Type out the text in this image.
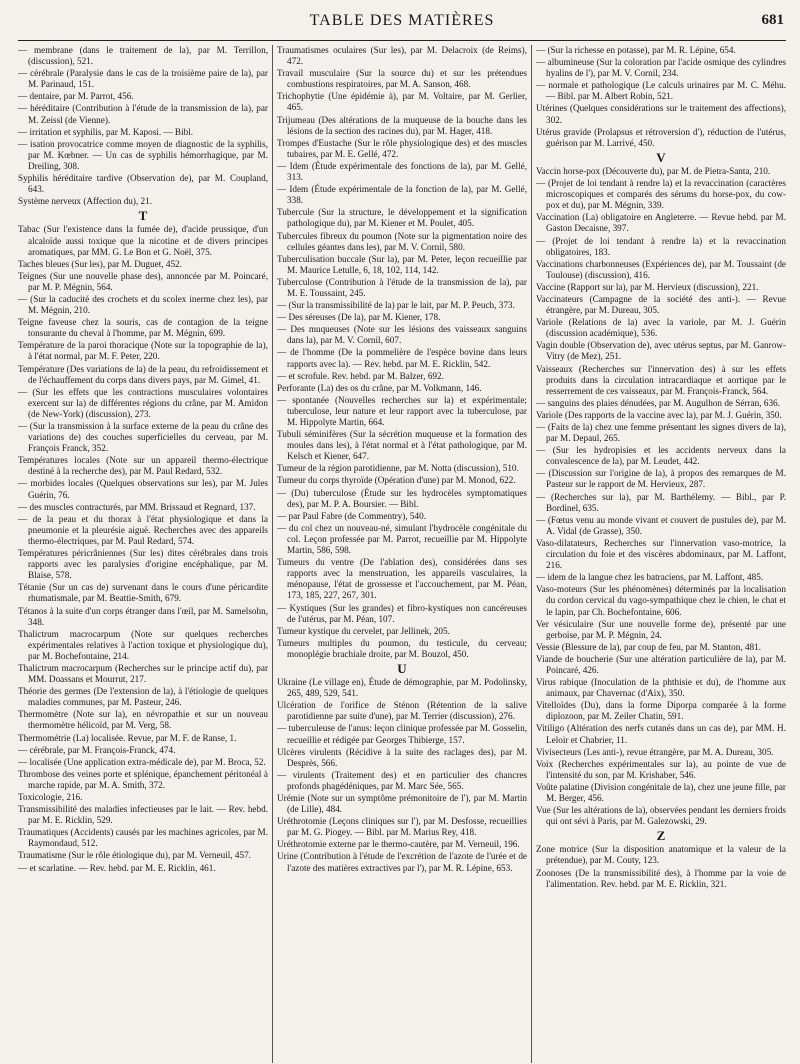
TABLE DES MATIÈRES	681
— membrane (dans le traitement de la), par M. Terrillon, (discussion), 521.
— cérébrale (Paralysie dans le cas de la troisième paire de la), par M. Parinaud, 151.
— dentaire, par M. Parrot, 456.
— héréditaire (Contribution à l'étude de la transmission de la), par M. Zeissl (de Vienne).
— irritation et syphilis, par M. Kaposi. — Bibl.
— isation provocatrice comme moyen de diagnostic de la syphilis, par M. Kœbner. — Un cas de syphilis hémorrhagique, par M. Dreiling, 308.
Syphilis héréditaire tardive (Observation de), par M. Coupland, 643.
Système nerveux (Affection du), 21.
T
Tabac (Sur l'existence dans la fumée de), d'acide prussique, d'un alcaloïde aussi toxique que la nicotine et de divers principes aromatiques, par MM. G. Le Bon et G. Noël, 375.
Taches bleues (Sur les), par M. Duguet, 452.
Teignes (Sur une nouvelle phase des), annoncée par M. Poincaré, par M. P. Mégnin, 564.
— (Sur la caducité des crochets et du scolex inerme chez les), par M. Mégnin, 210.
Teigne faveuse chez la souris, cas de contagion de la teigne tonsurante du cheval à l'homme, par M. Mégnin, 699.
Température de la paroi thoracique (Note sur la topographie de la), à l'état normal, par M. F. Peter, 220.
Température (Des variations de la) de la peau, du refroidissement et de l'échauffement du corps dans divers pays, par M. Gimel, 41.
— (Sur les effets que les contractions musculaires volontaires exercent sur la) de différentes régions du crâne, par M. Amidon (de New-York) (discussion), 273.
— (Sur la transmission à la surface externe de la peau du crâne des variations de) des couches superficielles du cerveau, par M. François Franck, 352.
Températures locales (Note sur un appareil thermo-électrique destiné à la recherche des), par M. Paul Redard, 532.
— morbides locales (Quelques observations sur les), par M. Jules Guérin, 76.
— des muscles contracturés, par MM. Brissaud et Regnard, 137.
— de la peau et du thorax à l'état physiologique et dans la pneumonie et la pleurésie aiguë. Recherches avec des appareils thermo-électriques, par M. Paul Redard, 574.
Températures péricrâniennes (Sur les) dites cérébrales dans trois rapports avec les paralysies d'origine encéphalique, par M. Blaise, 578.
Tétanie (Sur un cas de) survenant dans le cours d'une péricardite rhumatismale, par M. Beattie-Smith, 679.
Tétanos à la suite d'un corps étranger dans l'œil, par M. Samelsohn, 348.
Thalictrum macrocarpum (Note sur quelques recherches expérimentales relatives à l'action toxique et physiologique du), par M. Bochefontaine, 214.
Thalictrum macrocarpum (Recherches sur le principe actif du), par MM. Doassans et Mourrut, 217.
Théorie des germes (De l'extension de la), à l'étiologie de quelques maladies communes, par M. Pasteur, 246.
Thermomètre (Note sur la), en névropathie et sur un nouveau thermomètre hélicoïd, par M. Verg, 58.
Thermométrie (La) localisée. Revue, par M. F. de Ranse, 1.
— cérébrale, par M. François-Franck, 474.
— localisée (Une application extra-médicale de), par M. Broca, 52.
Thrombose des veines porte et splénique, épanchement péritonéal à marche rapide, par M. A. Smith, 372.
Toxicologie, 216.
Transmissibilité des maladies infectieuses par le lait. — Rev. hebd. par M. E. Ricklin, 529.
Traumatiques (Accidents) causés par les machines agricoles, par M. Raymondaud, 512.
Traumatisme (Sur le rôle étiologique du), par M. Verneuil, 457.
— et scarlatine. — Rev. hebd. par M. E. Ricklin, 461.
Traumatismes oculaires (Sur les), par M. Delacroix (de Reims), 472.
Travail musculaire (Sur la source du) et sur les prétendues combustions respiratoires, par M. A. Sanson, 468.
Trichophytie (Une épidémie à), par M. Voltaire, par M. Gerlier, 465.
Trijumeau (Des altérations de la muqueuse de la bouche dans les lésions de la section des racines du), par M. Hager, 418.
Trompes d'Eustache (Sur le rôle physiologique des) et des muscles tubaires, par M. E. Gellé, 472.
— Idem (Étude expérimentale des fonctions de la), par M. Gellé, 313.
— Idem (Étude expérimentale de la fonction de la), par M. Gellé, 338.
Tubercule (Sur la structure, le développement et la signification pathologique du), par M. Kiener et M. Poulet, 405.
Tubercules fibreux du poumon (Note sur la pigmentation noire des cellules géantes dans les), par M. V. Cornil, 580.
Tuberculisation buccale (Sur la), par M. Peter, leçon recueillie par M. Maurice Letulle, 6, 18, 102, 114, 142.
Tuberculose (Contribution à l'étude de la transmission de la), par M. E. Toussaint, 245.
— (Sur la transmissibilité de la) par le lait, par M. P. Peuch, 373.
— Des séreuses (De la), par M. Kiener, 178.
— Des muqueuses (Note sur les lésions des vaisseaux sanguins dans la), par M. V. Cornil, 607.
— de l'homme (De la pommelière de l'espèce bovine dans leurs rapports avec la). — Rev. hebd. par M. E. Ricklin, 542.
— et scrofule. Rev. hebd. par M. Balzer, 692.
Perforante (La) des os du crâne, par M. Volkmann, 146.
— spontanée (Nouvelles recherches sur la) et expérimentale; tuberculose, leur nature et leur rapport avec la tuberculose, par M. Hippolyte Martin, 664.
Tubuli séminifères (Sur la sécrétion muqueuse et la formation des moules dans les), à l'état normal et à l'état pathologique, par M. Kelsch et Kiener, 647.
Tumeur de la région parotidienne, par M. Notta (discussion), 510.
Tumeur du corps thyroïde (Opération d'une) par M. Monod, 622.
— (Du) tuberculose (Étude sur les hydrocèles symptomatiques des), par M. P. A. Boursier. — Bibl.
— par Paul Fabre (de Commentry), 540.
— du col chez un nouveau-né, simulant l'hydrocèle congénitale du col. Leçon professée par M. Parrot, recueillie par M. Hippolyte Martin, 586, 598.
Tumeurs du ventre (De l'ablation des), considérées dans ses rapports avec la menstruation, les appareils vasculaires, la ménopause, l'état de grossesse et l'accouchement, par M. Péan, 173, 185, 227, 267, 301.
— Kystiques (Sur les grandes) et fibro-kystiques non cancéreuses de l'utérus, par M. Péan, 107.
Tumeur kystique du cervelet, par Jellinek, 205.
Tumeurs multiples du poumon, du testicule, du cerveau; monoplégie brachiale droite, par M. Bouzol, 450.
U
Ukraine (Le village en), Étude de démographie, par M. Podolinsky, 265, 489, 529, 541.
Ulcération de l'orifice de Sténon (Rétention de la salive parotidienne par suite d'une), par M. Terrier (discussion), 276.
— tuberculeuse de l'anus: leçon clinique professée par M. Gosselin, recueillie et rédigée par Georges Thibierge, 157.
Ulcères virulents (Récidive à la suite des raclages des), par M. Desprès, 566.
— virulents (Traitement des) et en particulier des chancres profonds phagédéniques, par M. Marc Sée, 565.
Urémie (Note sur un symptôme prémonitoire de l'), par M. Martin (de Lille), 484.
Uréthrotomie (Leçons cliniques sur l'), par M. Desfosse, recueillies par M. G. Piogey. — Bibl. par M. Marius Rey, 418.
Uréthrotomie externe par le thermo-cautère, par M. Verneuil, 196.
Urine (Contribution à l'étude de l'excrétion de l'azote de l'urée et de l'azote des matières extractives par l'), par M. R. Lépine, 653.
— (Sur la richesse en potasse), par M. R. Lépine, 654.
— albumineuse (Sur la coloration par l'acide osmique des cylindres hyalins de l'), par M. V. Cornil, 234.
— normale et pathologique (Le calculs urinaires par M. C. Méhu. — Bibl. par M. Albert Robin, 521.
Utérines (Quelques considérations sur le traitement des affections), 302.
Utérus gravide (Prolapsus et rétroversion d'), réduction de l'utérus, guérison par M. Larrivé, 450.
V
Vaccin horse-pox (Découverte du), par M. de Pietra-Santa, 210.
— (Projet de loi tendant à rendre la) et la revaccination (caractères microscopiques et comparés des sérums du horse-pox, du cow-pox et du), par M. Mégnin, 339.
Vaccination (La) obligatoire en Angleterre. — Revue hebd. par M. Gaston Decaisne, 397.
— (Projet de loi tendant à rendre la) et la revaccination obligatoires, 183.
Vaccinations charbonneuses (Expériences de), par M. Toussaint (de Toulouse) (discussion), 416.
Vaccine (Rapport sur la), par M. Hervieux (discussion), 221.
Vaccinateurs (Campagne de la société des anti-). — Revue étrangère, par M. Dureau, 305.
Variole (Relations de la) avec la variole, par M. J. Guérin (discussion académique), 536.
Vagin double (Observation de), avec utérus septus, par M. Ganrow-Vitry (de Mez), 251.
Vaisseaux (Recherches sur l'innervation des) à sur les effets produits dans la circulation intracardiaque et aortique par le resserrement de ces vaisseaux, par M. François-Franck, 564.
— sanguins des plaies dénudées, par M. Augulhon de Sérran, 636.
Variole (Des rapports de la vaccine avec la), par M. J. Guérin, 350.
— (Faits de la) chez une femme présentant les signes divers de la), par M. Depaul, 265.
— (Sur les hydropisies et les accidents nerveux dans la convalescence de la), par M. Leudet, 442.
— (Discussion sur l'origine de la), à propos des remarques de M. Pasteur sur le rapport de M. Hervieux, 287.
— (Recherches sur la), par M. Barthélemy. — Bibl., par P. Bordinel, 635.
— (Fœtus venu au monde vivant et couvert de pustules de), par M. A. Vidal (de Grasse), 350.
Vaso-dilatateurs, Recherches sur l'innervation vaso-motrice, la circulation du foie et des viscères abdominaux, par M. Laffont, 216.
— idem de la langue chez les batraciens, par M. Laffont, 485.
Vaso-moteurs (Sur les phénomènes) déterminés par la localisation du cordon cervical du vago-sympathique chez le chien, le chat et le lapin, par Ch. Bochefontaine, 606.
Ver vésiculaire (Sur une nouvelle forme de), présenté par une gerboise, par M. P. Mégnin, 24.
Vessie (Blessure de la), par coup de feu, par M. Stanton, 481.
Viande de boucherie (Sur une altération particulière de la), par M. Poincaré, 426.
Virus rabique (Inoculation de la phthisie et du), de l'homme aux animaux, par Chavernac (d'Aix), 350.
Vitelloïdes (Du), dans la forme Diporpa comparée à la forme diplozoon, par M. Zeiler Chatin, 591.
Vitiligo (Altération des nerfs cutanés dans un cas de), par MM. H. Leloir et Chabrier, 11.
Vivisecteurs (Les anti-), revue étrangère, par M. A. Dureau, 305.
Voix (Recherches expérimentales sur la), au pointe de vue de l'intensité du son, par M. Krishaber, 546.
Voûte palatine (Division congénitale de la), chez une jeune fille, par M. Berger, 456.
Vue (Sur les altérations de la), observées pendant les derniers froids qui ont sévi à Paris, par M. Galezowski, 29.
Z
Zone motrice (Sur la disposition anatomique et la valeur de la prétendue), par M. Couty, 123.
Zoonoses (De la transmissibilité des), à l'homme par la voie de l'alimentation. Rev. hebd. par M. E. Ricklin, 321.
